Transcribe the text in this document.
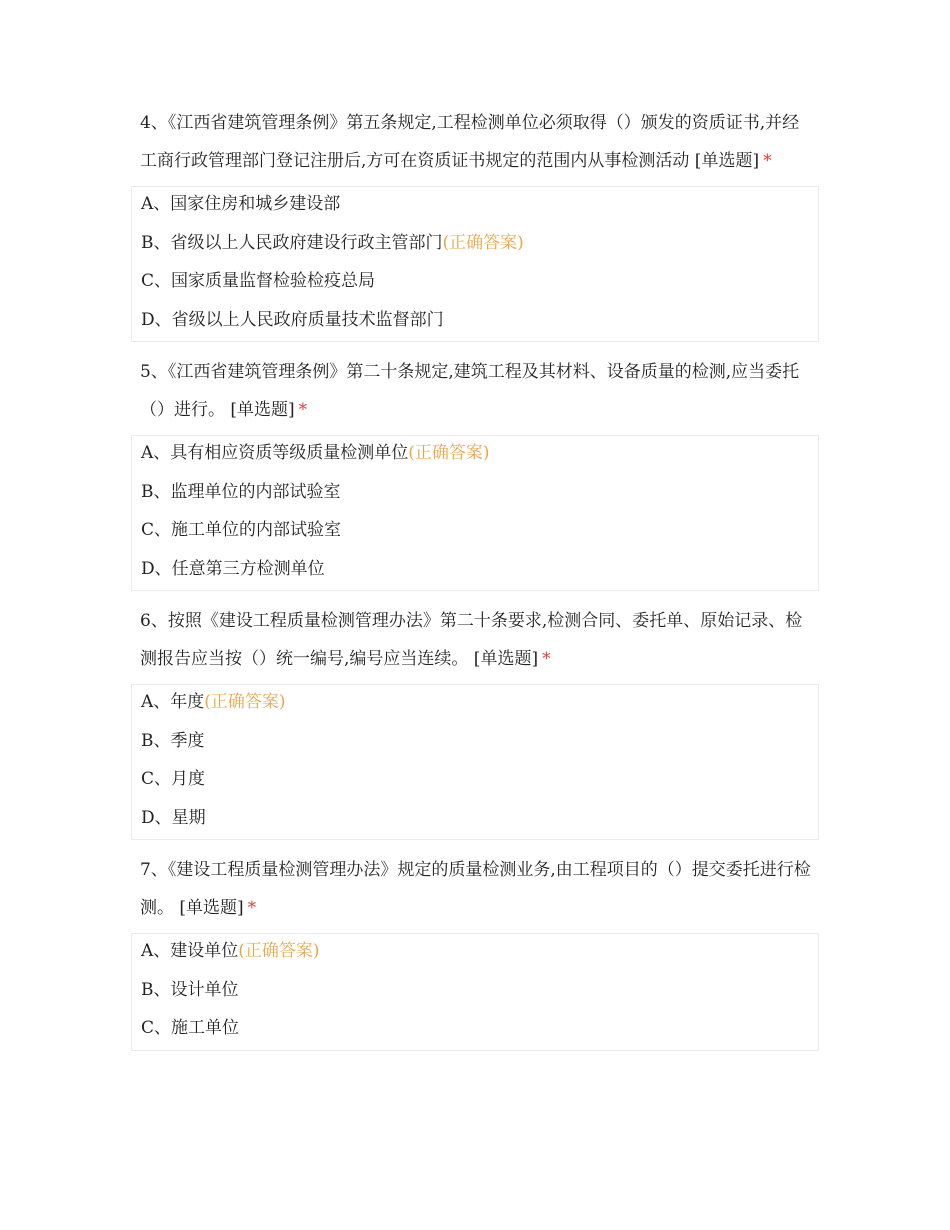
4、《江西省建筑管理条例》第五条规定,工程检测单位必须取得（）颁发的资质证书,并经工商行政管理部门登记注册后,方可在资质证书规定的范围内从事检测活动 [单选题] *
A、国家住房和城乡建设部
B、省级以上人民政府建设行政主管部门(正确答案)
C、国家质量监督检验检疫总局
D、省级以上人民政府质量技术监督部门
5、《江西省建筑管理条例》第二十条规定,建筑工程及其材料、设备质量的检测,应当委托（）进行。 [单选题] *
A、具有相应资质等级质量检测单位(正确答案)
B、监理单位的内部试验室
C、施工单位的内部试验室
D、任意第三方检测单位
6、按照《建设工程质量检测管理办法》第二十条要求,检测合同、委托单、原始记录、检测报告应当按（）统一编号,编号应当连续。 [单选题] *
A、年度(正确答案)
B、季度
C、月度
D、星期
7、《建设工程质量检测管理办法》规定的质量检测业务,由工程项目的（）提交委托进行检测。 [单选题] *
A、建设单位(正确答案)
B、设计单位
C、施工单位
